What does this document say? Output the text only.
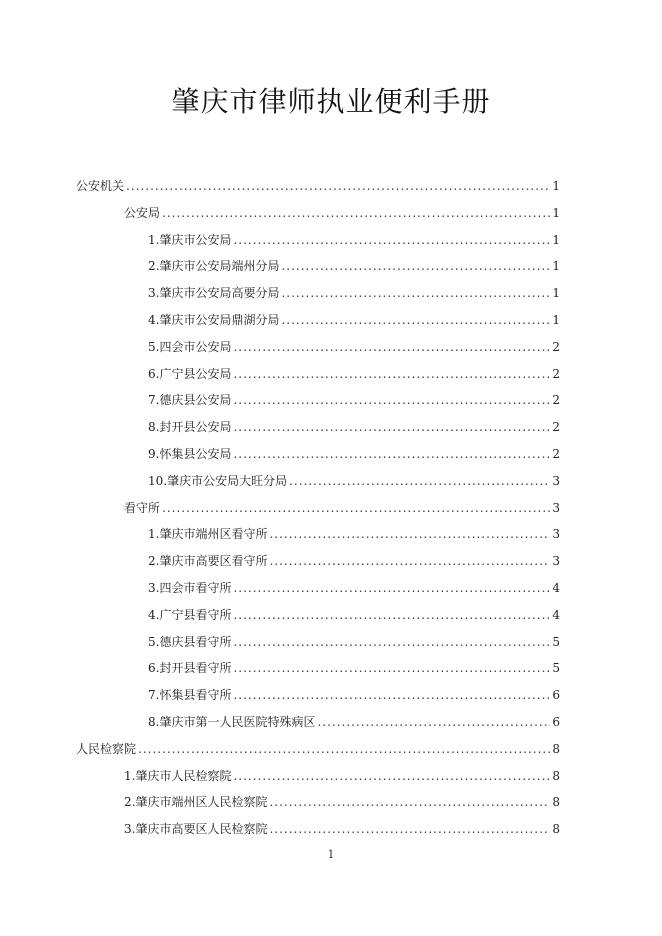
肇庆市律师执业便利手册
公安机关 .....	1
公安局 .....	1
1.肇庆市公安局 .....	1
2.肇庆市公安局端州分局 .....	1
3.肇庆市公安局高要分局 .....	1
4.肇庆市公安局鼎湖分局 .....	1
5.四会市公安局 .....	2
6.广宁县公安局 .....	2
7.德庆县公安局 .....	2
8.封开县公安局 .....	2
9.怀集县公安局 .....	2
10.肇庆市公安局大旺分局 .....	3
看守所 .....	3
1.肇庆市端州区看守所 .....	3
2.肇庆市高要区看守所 .....	3
3.四会市看守所 .....	4
4.广宁县看守所 .....	4
5.德庆县看守所 .....	5
6.封开县看守所 .....	5
7.怀集县看守所 .....	6
8.肇庆市第一人民医院特殊病区 .....	6
人民检察院 .....	8
1.肇庆市人民检察院 .....	8
2.肇庆市端州区人民检察院 .....	8
3.肇庆市高要区人民检察院 .....	8
1
